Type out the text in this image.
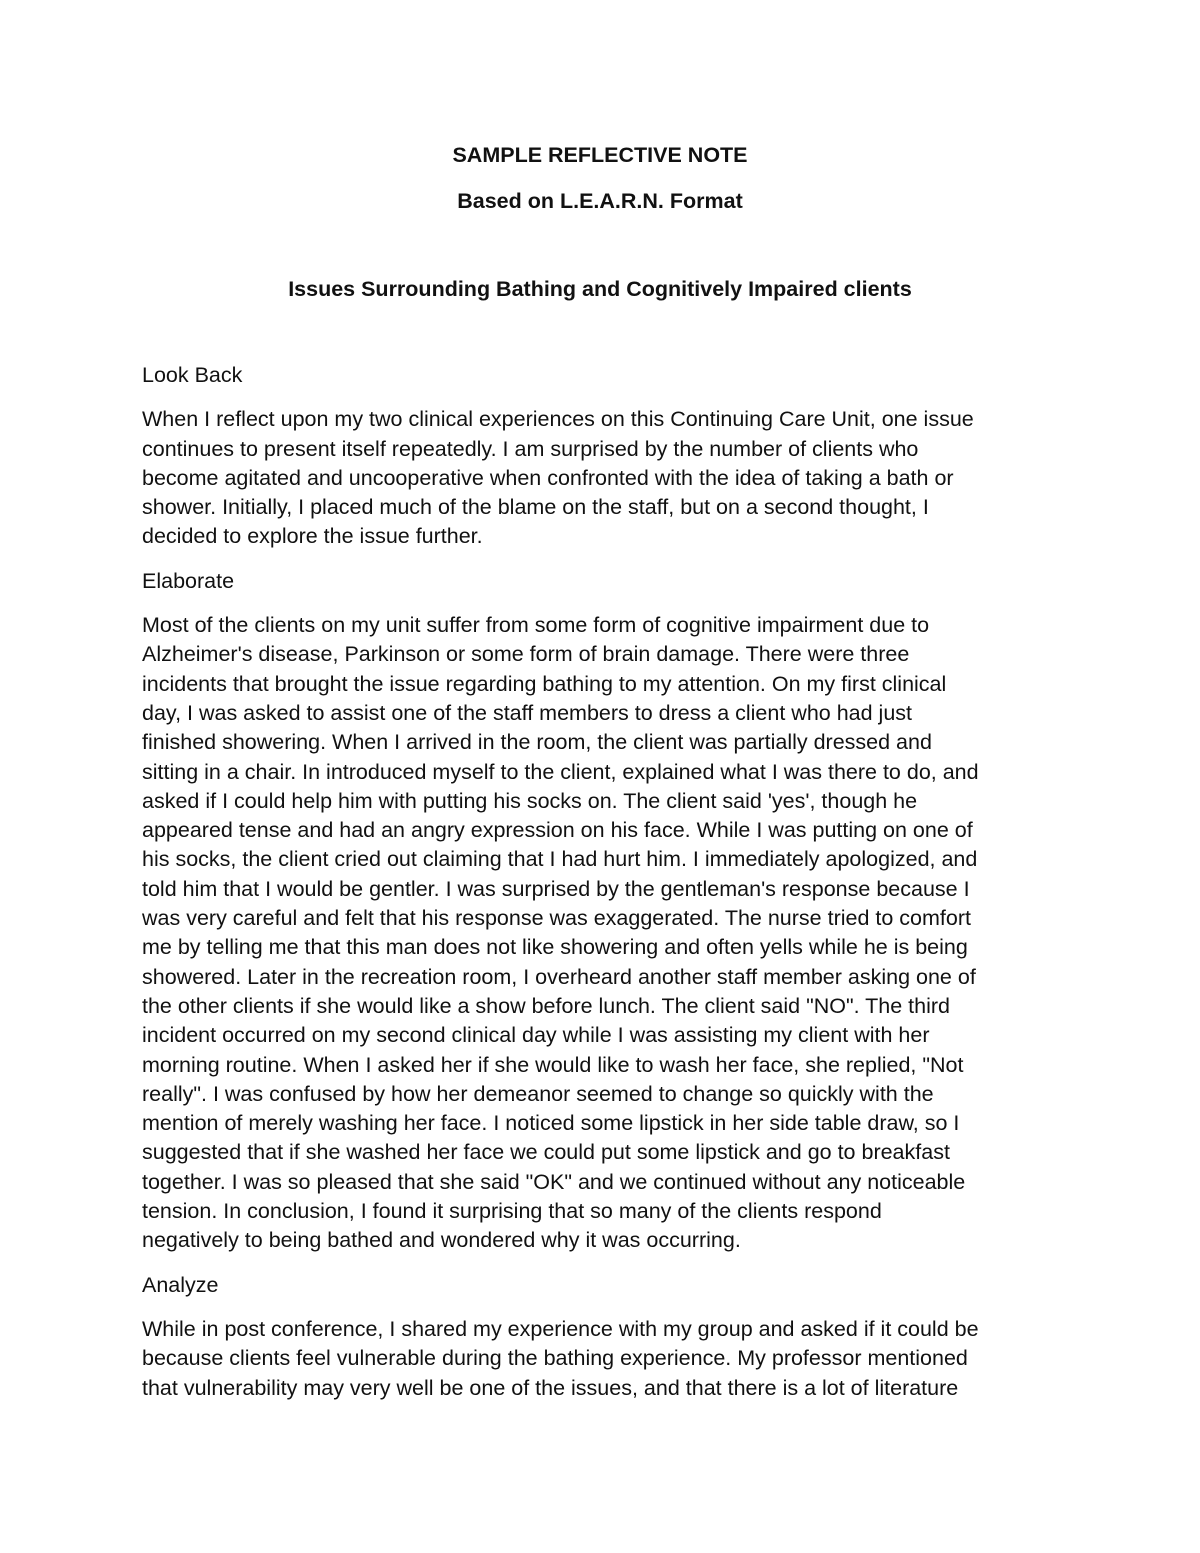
SAMPLE REFLECTIVE NOTE
Based on L.E.A.R.N. Format
Issues Surrounding Bathing and Cognitively Impaired clients
Look Back

When I reflect upon my two clinical experiences on this Continuing Care Unit, one issue
continues to present itself repeatedly. I am surprised by the number of clients who
become agitated and uncooperative when confronted with the idea of taking a bath or
shower. Initially, I placed much of the blame on the staff, but on a second thought, I
decided to explore the issue further.

Elaborate

Most of the clients on my unit suffer from some form of cognitive impairment due to
Alzheimer's disease, Parkinson or some form of brain damage. There were three
incidents that brought the issue regarding bathing to my attention. On my first clinical
day, I was asked to assist one of the staff members to dress a client who had just
finished showering. When I arrived in the room, the client was partially dressed and
sitting in a chair. In introduced myself to the client, explained what I was there to do, and
asked if I could help him with putting his socks on. The client said 'yes', though he
appeared tense and had an angry expression on his face. While I was putting on one of
his socks, the client cried out claiming that I had hurt him. I immediately apologized, and
told him that I would be gentler. I was surprised by the gentleman's response because I
was very careful and felt that his response was exaggerated. The nurse tried to comfort
me by telling me that this man does not like showering and often yells while he is being
showered. Later in the recreation room, I overheard another staff member asking one of
the other clients if she would like a show before lunch. The client said "NO". The third
incident occurred on my second clinical day while I was assisting my client with her
morning routine. When I asked her if she would like to wash her face, she replied, "Not
really". I was confused by how her demeanor seemed to change so quickly with the
mention of merely washing her face. I noticed some lipstick in her side table draw, so I
suggested that if she washed her face we could put some lipstick and go to breakfast
together. I was so pleased that she said "OK" and we continued without any noticeable
tension. In conclusion, I found it surprising that so many of the clients respond
negatively to being bathed and wondered why it was occurring.

Analyze

While in post conference, I shared my experience with my group and asked if it could be
because clients feel vulnerable during the bathing experience. My professor mentioned
that vulnerability may very well be one of the issues, and that there is a lot of literature
